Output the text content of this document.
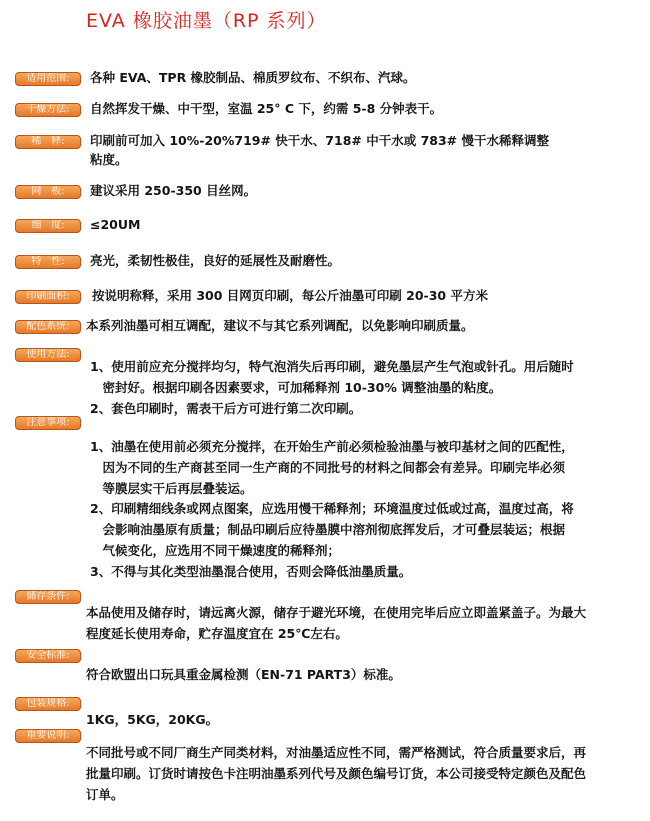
EVA 橡胶油墨（RP 系列）
适用范围:	各种 EVA、TPR 橡胶制品、棉质罗纹布、不织布、汽球。
干燥方法:	自然挥发干燥、中干型，室温 25° C 下，约需 5-8 分钟表干。
稀　释:	印刷前可加入 10%-20%719# 快干水、718# 中干水或 783# 慢干水稀释调整
粘度。
网　板:	建议采用 250-350 目丝网。
细　度:	≤20UM
特　性:	亮光，柔韧性极佳，良好的延展性及耐磨性。
印刷面积:	按说明称释，采用 300 目网页印刷，每公斤油墨可印刷 20-30 平方米
配色系统:	本系列油墨可相互调配，建议不与其它系列调配，以免影响印刷质量。
使用方法:
1、使用前应充分搅拌均匀，特气泡消失后再印刷，避免墨层产生气泡或针孔。用后随时
　密封好。根据印刷各因素要求，可加稀释剂 10-30% 调整油墨的粘度。
2、套色印刷时，需表干后方可进行第二次印刷。
注意事项:
1、油墨在使用前必须充分搅拌，在开始生产前必须检验油墨与被印基材之间的匹配性，
　因为不同的生产商甚至同一生产商的不同批号的材料之间都会有差异。印刷完毕必须
　等膜层实干后再层叠装运。
2、印刷精细线条或网点图案，应选用慢干稀释剂；环境温度过低或过高，温度过高，将
　会影响油墨原有质量；制品印刷后应待墨膜中溶剂彻底挥发后，才可叠层装运；根据
　气候变化，应选用不同干燥速度的稀释剂；
3、不得与其化类型油墨混合使用，否则会降低油墨质量。
储存条件:
本品使用及储存时，请远离火源，储存于避光环境，在使用完毕后应立即盖紧盖子。为最大
程度延长使用寿命，贮存温度宜在 25℃左右。
安全标准:
符合欧盟出口玩具重金属检测（EN-71 PART3）标准。
包装规格:
1KG，5KG，20KG。
重要说明:
不同批号或不同厂商生产同类材料，对油墨适应性不同，需严格测试，符合质量要求后，再
批量印刷。订货时请按色卡注明油墨系列代号及颜色编号订货，本公司接受特定颜色及配色
订单。
